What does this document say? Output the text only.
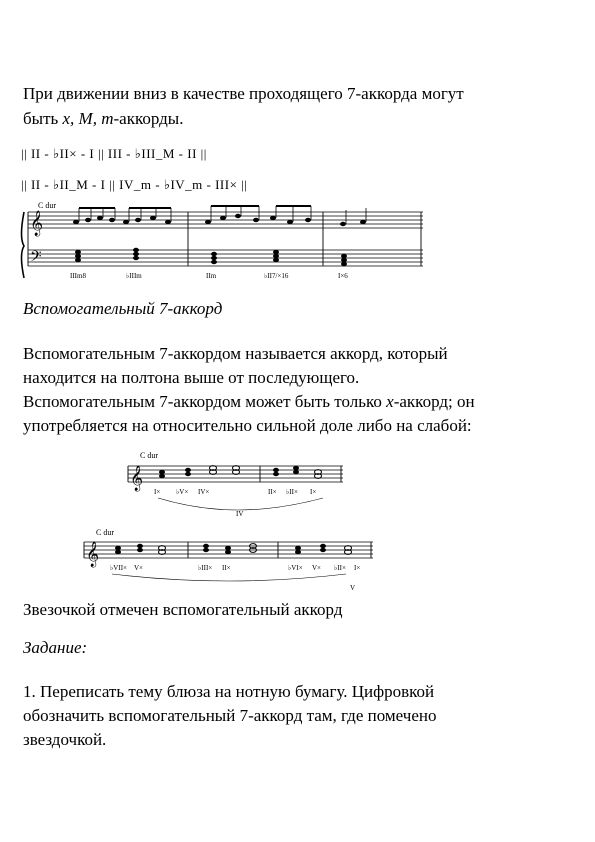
При движении вниз в качестве проходящего 7-аккорда могут
быть x, M, m-аккорды.
|| II - ♭II× - I || III - ♭III_M - II ||
|| II - ♭II_M - I || IV_m - ♭IV_m - III× ||
C dur
𝄞
𝄢
IIIm8	♭IIIm	IIm	♭II7/×16	I×6
Вспомогательный 7-аккорд
Вспомогательным 7-аккордом называется аккорд, который
находится на полтона выше от последующего.
Вспомогательным 7-аккордом может быть только x-аккорд; он
употребляется на относительно сильной доле либо на слабой:
C dur
𝄞
I× ♭V× IV×	II× ♭II× I×
IV
C dur
𝄞
♭VII× V×	♭III× II×	♭VI× V× ♭II× I×
V
Звезочкой отмечен вспомогательный аккорд
Задание:
1. Переписать тему блюза на нотную бумагу. Цифровкой
обозначить вспомогательный 7-аккорд там, где помечено
звездочкой.
